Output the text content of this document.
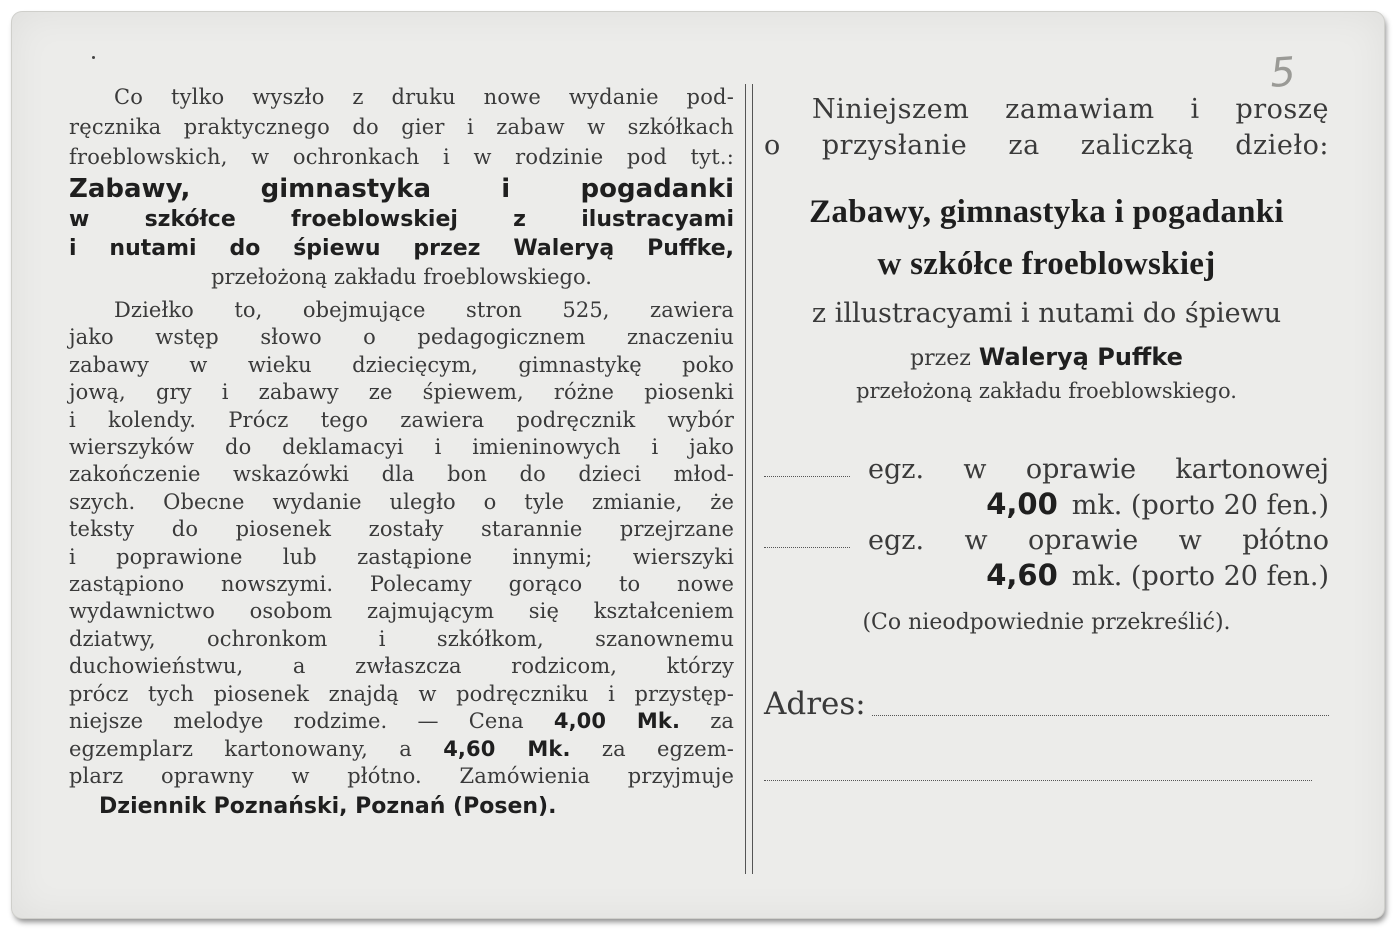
5
Co tylko wyszło z druku nowe wydanie pod-
ręcznika praktycznego do gier i zabaw w szkółkach
froeblowskich, w ochronkach i w rodzinie pod tyt.:
Zabawy, gimnastyka i pogadanki
w szkółce froeblowskiej z ilustracyami
i nutami do śpiewu przez Waleryą Puffke,
przełożoną zakładu froeblowskiego.
Dziełko to, obejmujące stron 525, zawiera
jako wstęp słowo o pedagogicznem znaczeniu
zabawy w wieku dziecięcym, gimnastykę poko
jową, gry i zabawy ze śpiewem, różne piosenki
i kolendy. Prócz tego zawiera podręcznik wybór
wierszyków do deklamacyi i imieninowych i jako
zakończenie wskazówki dla bon do dzieci młod-
szych. Obecne wydanie uległo o tyle zmianie, że
teksty do piosenek zostały starannie przejrzane
i poprawione lub zastąpione innymi; wierszyki
zastąpiono nowszymi. Polecamy gorąco to nowe
wydawnictwo osobom zajmującym się kształceniem
dziatwy, ochronkom i szkółkom, szanownemu
duchowieństwu, a zwłaszcza rodzicom, którzy
prócz tych piosenek znajdą w podręczniku i przystęp-
niejsze melodye rodzime. — Cena 4,00 Mk. za
egzemplarz kartonowany, a 4,60 Mk. za egzem-
plarz oprawny w płótno. Zamówienia przyjmuje
Dziennik Poznański, Poznań (Posen).
Niniejszem zamawiam i proszę
o przysłanie za zaliczką dzieło:
Zabawy, gimnastyka i pogadanki
w szkółce froeblowskiej
z illustracyami i nutami do śpiewu
przez Waleryą Puffke
przełożoną zakładu froeblowskiego.
egz. w oprawie kartonowej
4,00 mk. (porto 20 fen.)
egz. w oprawie w płótno
4,60 mk. (porto 20 fen.)
(Co nieodpowiednie przekreślić).
Adres:
